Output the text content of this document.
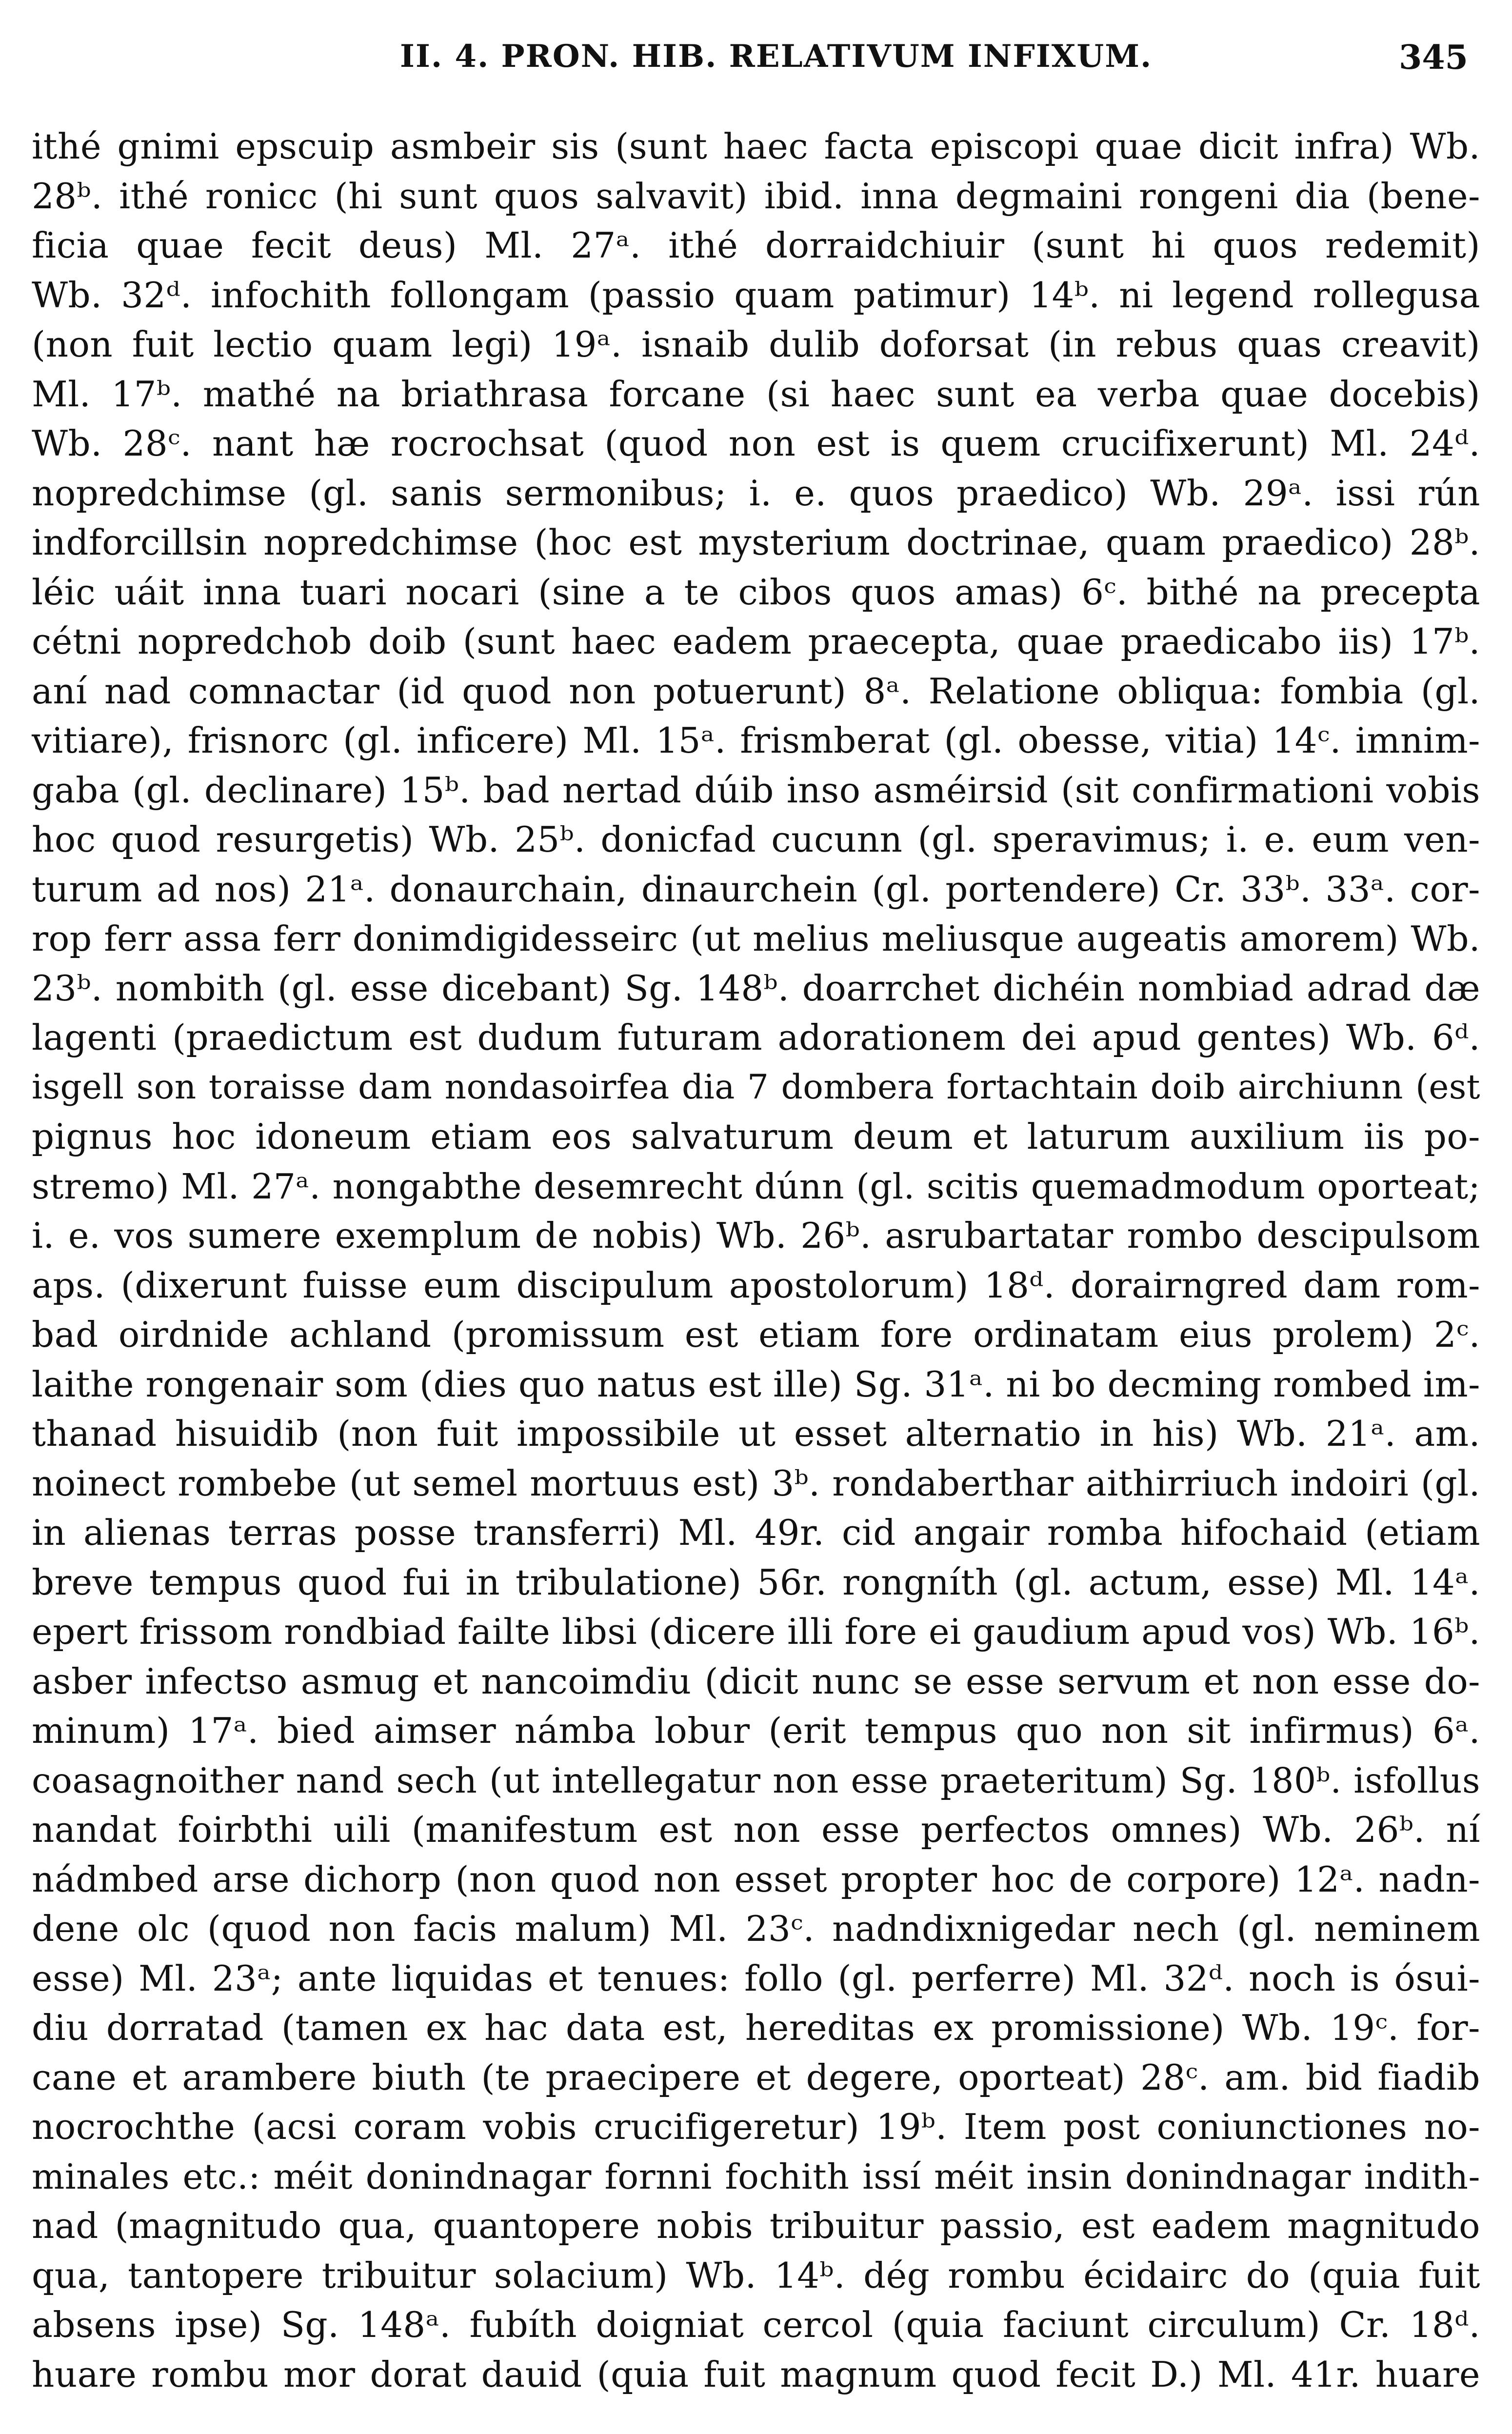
II. 4. PRON. HIB. RELATIVUM INFIXUM.	345
ithé gnimi epscuip asmbeir sis (sunt haec facta episcopi quae dicit infra) Wb.
28ᵇ. ithé ronicc (hi sunt quos salvavit) ibid. inna degmaini rongeni dia (bene-
ficia quae fecit deus) Ml. 27ᵃ. ithé dorraidchiuir (sunt hi quos redemit)
Wb. 32ᵈ. infochith follongam (passio quam patimur) 14ᵇ. ni legend rollegusa
(non fuit lectio quam legi) 19ᵃ. isnaib dulib doforsat (in rebus quas creavit)
Ml. 17ᵇ. mathé na briathrasa forcane (si haec sunt ea verba quae docebis)
Wb. 28ᶜ. nant hæ rocrochsat (quod non est is quem crucifixerunt) Ml. 24ᵈ.
nopredchimse (gl. sanis sermonibus; i. e. quos praedico) Wb. 29ᵃ. issi rún
indforcillsin nopredchimse (hoc est mysterium doctrinae, quam praedico) 28ᵇ.
léic uáit inna tuari nocari (sine a te cibos quos amas) 6ᶜ. bithé na precepta
cétni nopredchob doib (sunt haec eadem praecepta, quae praedicabo iis) 17ᵇ.
aní nad comnactar (id quod non potuerunt) 8ᵃ. Relatione obliqua: fombia (gl.
vitiare), frisnorc (gl. inficere) Ml. 15ᵃ. frismberat (gl. obesse, vitia) 14ᶜ. imnim-
gaba (gl. declinare) 15ᵇ. bad nertad dúib inso asméirsid (sit confirmationi vobis
hoc quod resurgetis) Wb. 25ᵇ. donicfad cucunn (gl. speravimus; i. e. eum ven-
turum ad nos) 21ᵃ. donaurchain, dinaurchein (gl. portendere) Cr. 33ᵇ. 33ᵃ. cor-
rop ferr assa ferr donimdigidesseirc (ut melius meliusque augeatis amorem) Wb.
23ᵇ. nombith (gl. esse dicebant) Sg. 148ᵇ. doarrchet dichéin nombiad adrad dæ
lagenti (praedictum est dudum futuram adorationem dei apud gentes) Wb. 6ᵈ.
isgell son toraisse dam nondasoirfea dia 7 dombera fortachtain doib airchiunn (est
pignus hoc idoneum etiam eos salvaturum deum et laturum auxilium iis po-
stremo) Ml. 27ᵃ. nongabthe desemrecht dúnn (gl. scitis quemadmodum oporteat;
i. e. vos sumere exemplum de nobis) Wb. 26ᵇ. asrubartatar rombo descipulsom
aps. (dixerunt fuisse eum discipulum apostolorum) 18ᵈ. dorairngred dam rom-
bad oirdnide achland (promissum est etiam fore ordinatam eius prolem) 2ᶜ.
laithe rongenair som (dies quo natus est ille) Sg. 31ᵃ. ni bo decming rombed im-
thanad hisuidib (non fuit impossibile ut esset alternatio in his) Wb. 21ᵃ. am.
noinect rombebe (ut semel mortuus est) 3ᵇ. rondaberthar aithirriuch indoiri (gl.
in alienas terras posse transferri) Ml. 49r. cid angair romba hifochaid (etiam
breve tempus quod fui in tribulatione) 56r. rongníth (gl. actum, esse) Ml. 14ᵃ.
epert frissom rondbiad failte libsi (dicere illi fore ei gaudium apud vos) Wb. 16ᵇ.
asber infectso asmug et nancoimdiu (dicit nunc se esse servum et non esse do-
minum) 17ᵃ. bied aimser námba lobur (erit tempus quo non sit infirmus) 6ᵃ.
coasagnoither nand sech (ut intellegatur non esse praeteritum) Sg. 180ᵇ. isfollus
nandat foirbthi uili (manifestum est non esse perfectos omnes) Wb. 26ᵇ. ní
nádmbed arse dichorp (non quod non esset propter hoc de corpore) 12ᵃ. nadn-
dene olc (quod non facis malum) Ml. 23ᶜ. nadndixnigedar nech (gl. neminem
esse) Ml. 23ᵃ; ante liquidas et tenues: follo (gl. perferre) Ml. 32ᵈ. noch is ósui-
diu dorratad (tamen ex hac data est, hereditas ex promissione) Wb. 19ᶜ. for-
cane et arambere biuth (te praecipere et degere, oporteat) 28ᶜ. am. bid fiadib
nocrochthe (acsi coram vobis crucifigeretur) 19ᵇ. Item post coniunctiones no-
minales etc.: méit donindnagar fornni fochith issí méit insin donindnagar indith-
nad (magnitudo qua, quantopere nobis tribuitur passio, est eadem magnitudo
qua, tantopere tribuitur solacium) Wb. 14ᵇ. dég rombu écidairc do (quia fuit
absens ipse) Sg. 148ᵃ. fubíth doigniat cercol (quia faciunt circulum) Cr. 18ᵈ.
huare rombu mor dorat dauid (quia fuit magnum quod fecit D.) Ml. 41r. huare
